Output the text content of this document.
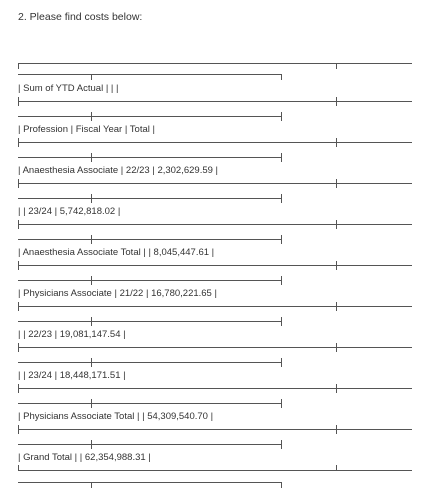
2. Please find costs below:
| Sum of YTD Actual | | |
| Profession | Fiscal Year | Total |
| Anaesthesia Associate | 22/23 | 2,302,629.59 |
| | 23/24 | 5,742,818.02 |
| Anaesthesia Associate Total | | 8,045,447.61 |
| Physicians Associate | 21/22 | 16,780,221.65 |
| | 22/23 | 19,081,147.54 |
| | 23/24 | 18,448,171.51 |
| Physicians Associate Total | | 54,309,540.70 |
| Grand Total | | 62,354,988.31 |
